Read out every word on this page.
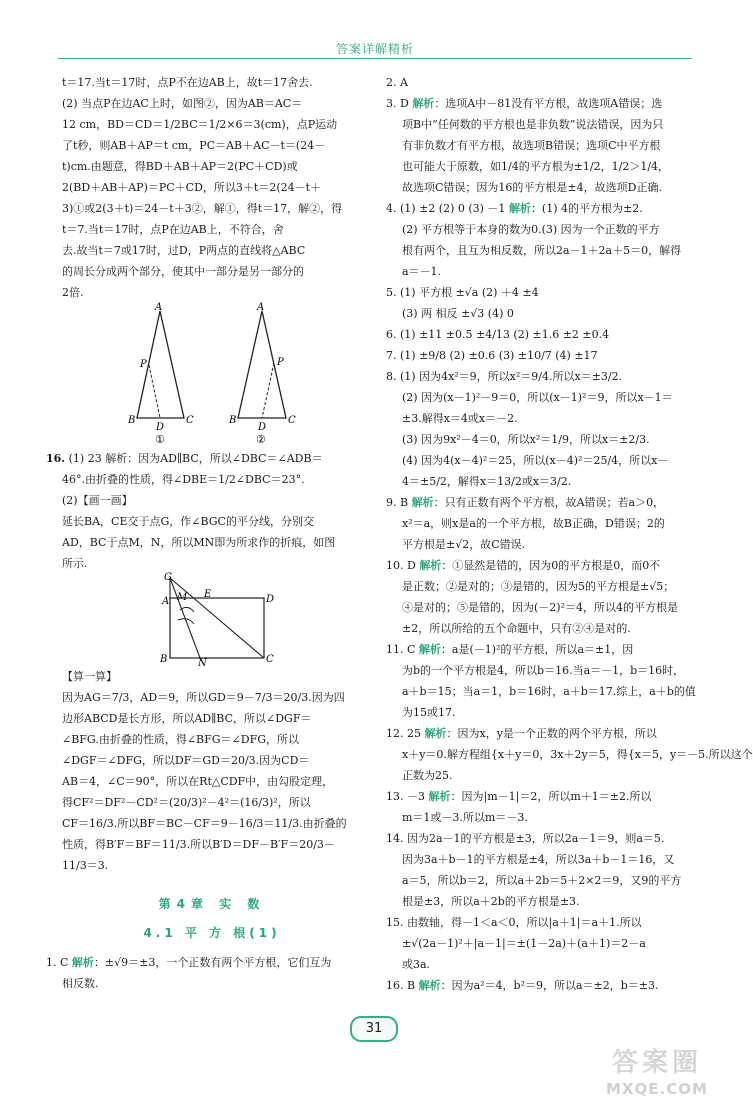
答案详解精析
t＝17.当t＝17时，点P不在边AB上，故t＝17舍去.
(2) 当点P在边AC上时，如图②，因为AB＝AC＝
12 cm，BD＝CD＝1/2BC＝1/2×6＝3(cm)，点P运动
了t秒，则AB＋AP＝t cm，PC＝AB＋AC－t＝(24－
t)cm.由题意，得BD＋AB＋AP＝2(PC＋CD)或
2(BD＋AB＋AP)＝PC＋CD，所以3＋t＝2(24－t＋
3)①或2(3＋t)＝24－t＋3②，解①，得t＝17，解②，得
t＝7.当t＝17时，点P在边AB上，不符合，舍
去.故当t＝7或17时，过D，P两点的直线将△ABC
的周长分成两个部分，使其中一部分是另一部分的
2倍.
A
P
B
D
C
①
A
P
B
D
C
②
16. (1) 23 解析：因为AD∥BC，所以∠DBC＝∠ADB＝
46°.由折叠的性质，得∠DBE＝1/2∠DBC＝23°.
(2)【画一画】
延长BA，CE交于点G，作∠BGC的平分线，分别交
AD，BC于点M，N，所以MN即为所求作的折痕，如图
所示.
G
M
A
E	D
B	N	C
【算一算】
因为AG＝7/3，AD＝9，所以GD＝9－7/3＝20/3.因为四
边形ABCD是长方形，所以AD∥BC，所以∠DGF＝
∠BFG.由折叠的性质，得∠BFG＝∠DFG，所以
∠DGF＝∠DFG，所以DF＝GD＝20/3.因为CD＝
AB＝4，∠C＝90°，所以在Rt△CDF中，由勾股定理，
得CF²＝DF²－CD²＝(20/3)²－4²＝(16/3)²，所以
CF＝16/3.所以BF＝BC－CF＝9－16/3＝11/3.由折叠的
性质，得B′F＝BF＝11/3.所以B′D＝DF－B′F＝20/3－
11/3＝3.
第4章 实 数
4.1 平 方 根(1)
1. C 解析：±√9＝±3，一个正数有两个平方根，它们互为
相反数.
2. A
3. D 解析：选项A中－81没有平方根，故选项A错误；选
项B中“任何数的平方根也是非负数”说法错误，因为只
有非负数才有平方根，故选项B错误；选项C中平方根
也可能大于原数，如1/4的平方根为±1/2，1/2＞1/4，
故选项C错误；因为16的平方根是±4，故选项D正确.
4. (1) ±2 (2) 0 (3) －1 解析：(1) 4的平方根为±2.
(2) 平方根等于本身的数为0.(3) 因为一个正数的平方
根有两个，且互为相反数，所以2a－1＋2a＋5＝0，解得
a＝－1.
5. (1) 平方根 ±√a (2) ＋4 ±4
(3) 两 相反 ±√3 (4) 0
6. (1) ±11 ±0.5 ±4/13 (2) ±1.6 ±2 ±0.4
7. (1) ±9/8 (2) ±0.6 (3) ±10/7 (4) ±17
8. (1) 因为4x²＝9，所以x²＝9/4.所以x＝±3/2.
(2) 因为(x－1)²－9＝0，所以(x－1)²＝9，所以x－1＝
±3.解得x＝4或x＝－2.
(3) 因为9x²－4＝0，所以x²＝1/9，所以x＝±2/3.
(4) 因为4(x－4)²＝25，所以(x－4)²＝25/4，所以x－
4＝±5/2，解得x＝13/2或x＝3/2.
9. B 解析：只有正数有两个平方根，故A错误；若a＞0，
x²＝a，则x是a的一个平方根，故B正确，D错误；2的
平方根是±√2，故C错误.
10. D 解析：①显然是错的，因为0的平方根是0，而0不
是正数；②是对的；③是错的，因为5的平方根是±√5；
④是对的；⑤是错的，因为(－2)²＝4，所以4的平方根是
±2，所以所给的五个命题中，只有②④是对的.
11. C 解析：a是(－1)²的平方根，所以a＝±1，因
为b的一个平方根是4，所以b＝16.当a＝－1，b＝16时，
a＋b＝15；当a＝1，b＝16时，a＋b＝17.综上，a＋b的值
为15或17.
12. 25 解析：因为x，y是一个正数的两个平方根，所以
x＋y＝0.解方程组{x＋y＝0，3x＋2y＝5，得{x＝5，y＝－5.所以这个
正数为25.
13. －3 解析：因为|m－1|＝2，所以m＋1＝±2.所以
m＝1或－3.所以m＝－3.
14. 因为2a－1的平方根是±3，所以2a－1＝9，则a＝5.
因为3a＋b－1的平方根是±4，所以3a＋b－1＝16，又
a＝5，所以b＝2，所以a＋2b＝5＋2×2＝9，又9的平方
根是±3，所以a＋2b的平方根是±3.
15. 由数轴，得－1＜a＜0，所以|a＋1|＝a＋1.所以
±√(2a－1)²＋|a－1|＝±(1－2a)＋(a＋1)＝2－a
或3a.
16. B 解析：因为a²＝4，b²＝9，所以a＝±2，b＝±3.
31
答案圈
MXQE.COM
